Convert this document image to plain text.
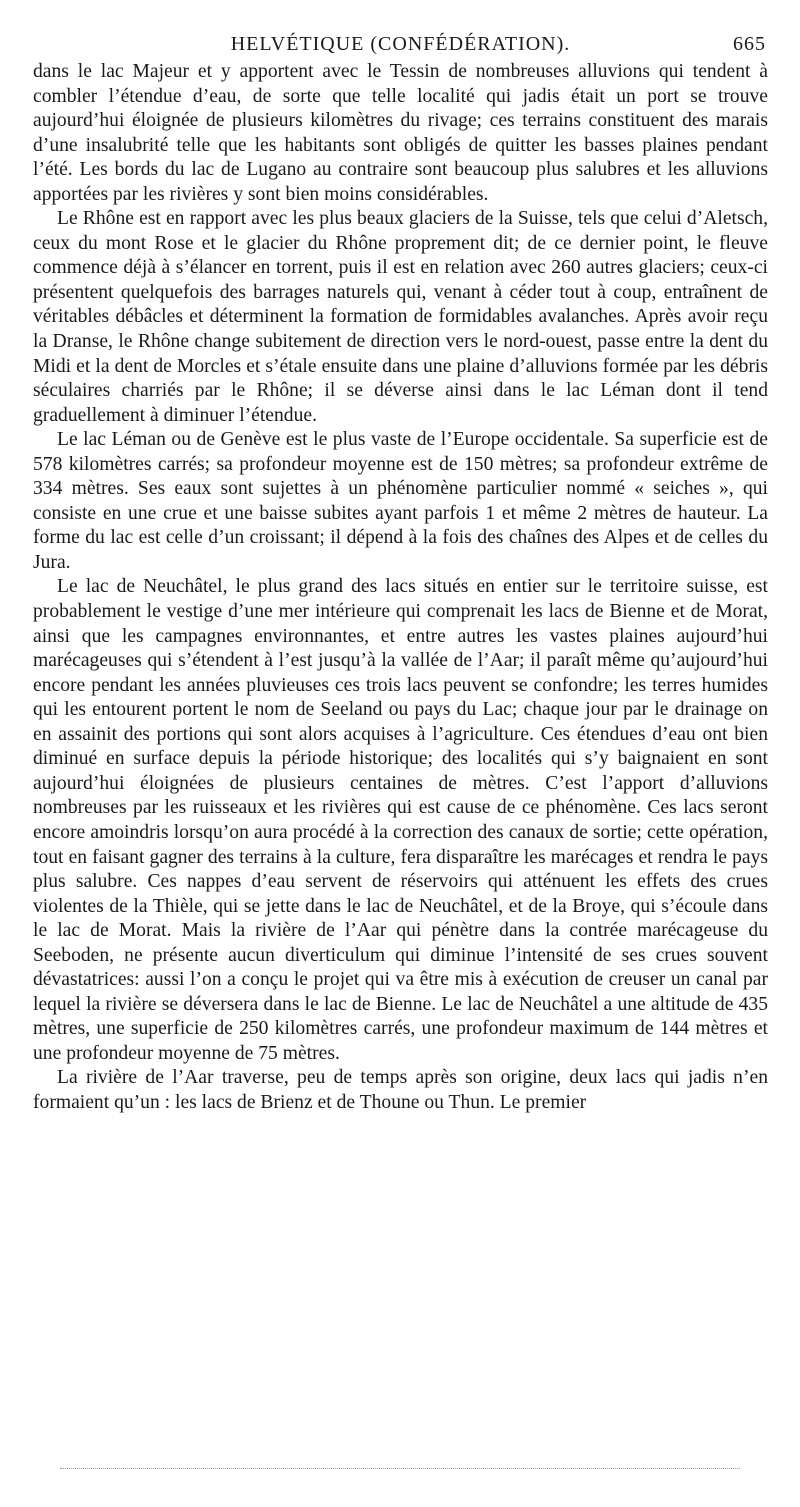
HELVÉTIQUE (CONFÉDÉRATION).	665

dans le lac Majeur et y apportent avec le Tessin de nombreuses alluvions qui tendent à combler l’étendue d’eau, de sorte que telle localité qui jadis était un port se trouve aujourd’hui éloignée de plusieurs kilomètres du rivage; ces terrains constituent des marais d’une insalubrité telle que les habitants sont obligés de quitter les basses plaines pendant l’été. Les bords du lac de Lugano au contraire sont beaucoup plus salubres et les alluvions apportées par les rivières y sont bien moins considérables.

Le Rhône est en rapport avec les plus beaux glaciers de la Suisse, tels que celui d’Aletsch, ceux du mont Rose et le glacier du Rhône proprement dit; de ce dernier point, le fleuve commence déjà à s’élancer en torrent, puis il est en relation avec 260 autres glaciers; ceux-ci présentent quelquefois des barrages naturels qui, venant à céder tout à coup, entraînent de véritables débâcles et déterminent la formation de formidables avalanches. Après avoir reçu la Dranse, le Rhône change subitement de direction vers le nord-ouest, passe entre la dent du Midi et la dent de Morcles et s’étale ensuite dans une plaine d’alluvions formée par les débris séculaires charriés par le Rhône; il se déverse ainsi dans le lac Léman dont il tend graduellement à diminuer l’étendue.

Le lac Léman ou de Genève est le plus vaste de l’Europe occidentale. Sa superficie est de 578 kilomètres carrés; sa profondeur moyenne est de 150 mètres; sa profondeur extrême de 334 mètres. Ses eaux sont sujettes à un phénomène particulier nommé « seiches », qui consiste en une crue et une baisse subites ayant parfois 1 et même 2 mètres de hauteur. La forme du lac est celle d’un croissant; il dépend à la fois des chaînes des Alpes et de celles du Jura.

Le lac de Neuchâtel, le plus grand des lacs situés en entier sur le territoire suisse, est probablement le vestige d’une mer intérieure qui comprenait les lacs de Bienne et de Morat, ainsi que les campagnes environnantes, et entre autres les vastes plaines aujourd’hui marécageuses qui s’étendent à l’est jusqu’à la vallée de l’Aar; il paraît même qu’aujourd’hui encore pendant les années pluvieuses ces trois lacs peuvent se confondre; les terres humides qui les entourent portent le nom de Seeland ou pays du Lac; chaque jour par le drainage on en assainit des portions qui sont alors acquises à l’agriculture. Ces étendues d’eau ont bien diminué en surface depuis la période historique; des localités qui s’y baignaient en sont aujourd’hui éloignées de plusieurs centaines de mètres. C’est l’apport d’alluvions nombreuses par les ruisseaux et les rivières qui est cause de ce phénomène. Ces lacs seront encore amoindris lorsqu’on aura procédé à la correction des canaux de sortie; cette opération, tout en faisant gagner des terrains à la culture, fera disparaître les marécages et rendra le pays plus salubre. Ces nappes d’eau servent de réservoirs qui atténuent les effets des crues violentes de la Thièle, qui se jette dans le lac de Neuchâtel, et de la Broye, qui s’écoule dans le lac de Morat. Mais la rivière de l’Aar qui pénètre dans la contrée marécageuse du Seeboden, ne présente aucun diverticulum qui diminue l’intensité de ses crues souvent dévastatrices: aussi l’on a conçu le projet qui va être mis à exécution de creuser un canal par lequel la rivière se déversera dans le lac de Bienne. Le lac de Neuchâtel a une altitude de 435 mètres, une superficie de 250 kilomètres carrés, une profondeur maximum de 144 mètres et une profondeur moyenne de 75 mètres.

La rivière de l’Aar traverse, peu de temps après son origine, deux lacs qui jadis n’en formaient qu’un : les lacs de Brienz et de Thoune ou Thun. Le premier
